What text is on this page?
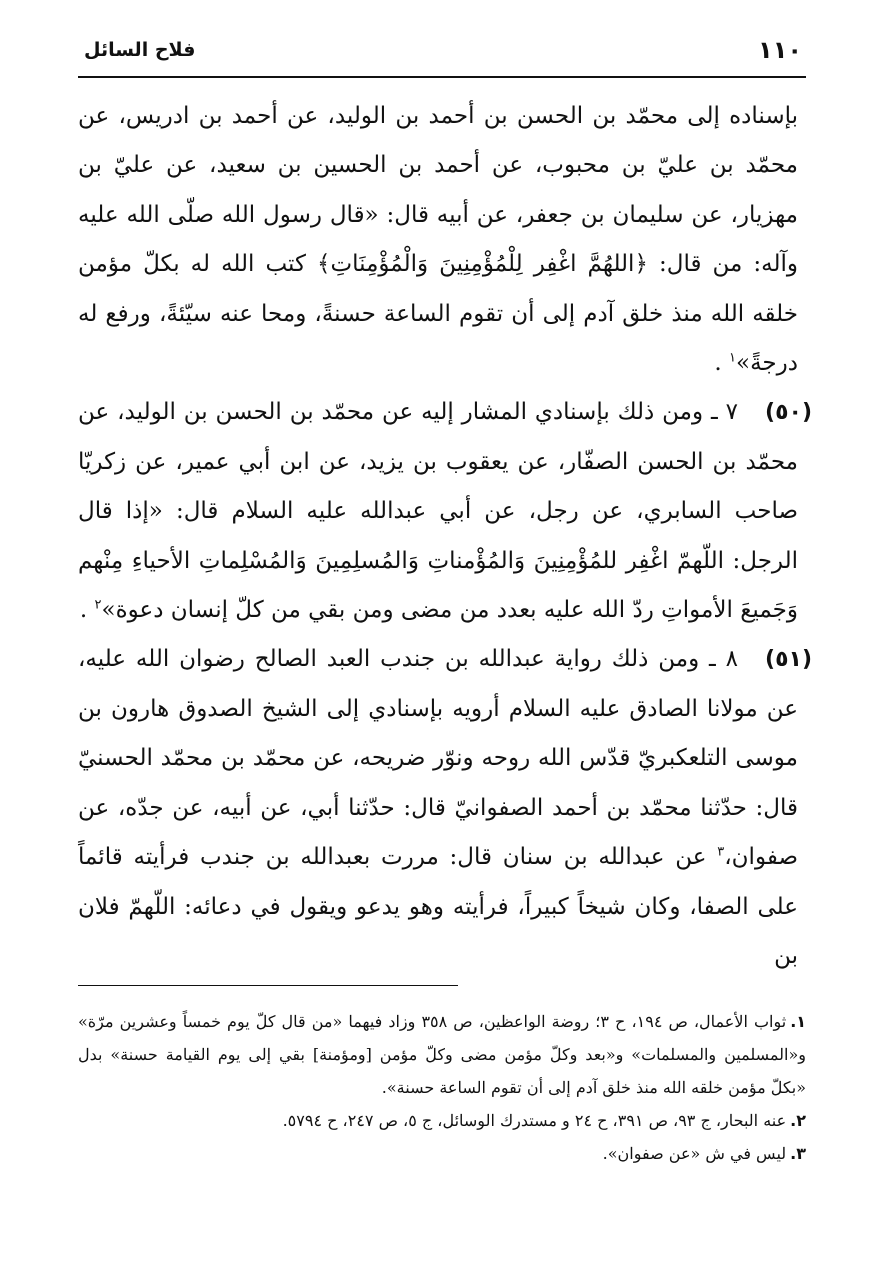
١١٠
فلاح السائل

بإسناده إلى محمّد بن الحسن بن أحمد بن الوليد، عن أحمد بن ادريس، عن محمّد بن عليّ بن محبوب، عن أحمد بن الحسين بن سعيد، عن عليّ بن مهزيار، عن سليمان بن جعفر، عن أبيه قال: «قال رسول الله صلّى الله عليه وآله: من قال: ﴿اللهُمَّ اغْفِر لِلْمُؤْمِنِينَ وَالْمُؤْمِنَاتِ﴾ كتب الله له بكلّ مؤمن خلقه الله منذ خلق آدم إلى أن تقوم الساعة حسنةً، ومحا عنه سيّئةً، ورفع له درجةً»$^١$ .

(٥٠)
٧ ـ ومن ذلك بإسنادي المشار إليه عن محمّد بن الحسن بن الوليد، عن محمّد بن الحسن الصفّار، عن يعقوب بن يزيد، عن ابن أبي عمير، عن زكريّا صاحب السابري، عن رجل، عن أبي عبدالله عليه السلام قال: «إذا قال الرجل: اللّهمّ اغْفِر للمُؤْمِنِينَ وَالمُؤْمناتِ وَالمُسلِمِينَ وَالمُسْلِماتِ الأحياءِ مِنْهم وَجَميعَ الأمواتِ ردّ الله عليه بعدد من مضى ومن بقي من كلّ إنسان دعوة»$^٢$ .

(٥١)
٨ ـ ومن ذلك رواية عبدالله بن جندب العبد الصالح رضوان الله عليه، عن مولانا الصادق عليه السلام أرويه بإسنادي إلى الشيخ الصدوق هارون بن موسى التلعكبريّ قدّس الله روحه ونوّر ضريحه، عن محمّد بن محمّد الحسنيّ قال: حدّثنا محمّد بن أحمد الصفوانيّ قال: حدّثنا أبي، عن أبيه، عن جدّه، عن صفوان،$^٣$ عن عبدالله بن سنان قال: مررت بعبدالله بن جندب فرأيته قائماً على الصفا، وكان شيخاً كبيراً، فرأيته وهو يدعو ويقول في دعائه: اللّهمّ فلان بن

١.ثواب الأعمال، ص ١٩٤، ح ٣؛ روضة الواعظين، ص ٣٥٨ وزاد فيهما «من قال كلّ يوم خمساً وعشرين مرّة» و«المسلمين والمسلمات» و«بعد وكلّ مؤمن مضى وكلّ مؤمن [ومؤمنة] بقي إلى يوم القيامة حسنة» بدل «بكلّ مؤمن خلقه الله منذ خلق آدم إلى أن تقوم الساعة حسنة».

٢.عنه البحار، ج ٩٣، ص ٣٩١، ح ٢٤ و مستدرك الوسائل، ج ٥، ص ٢٤٧، ح ٥٧٩٤.

٣.ليس في ش «عن صفوان».
